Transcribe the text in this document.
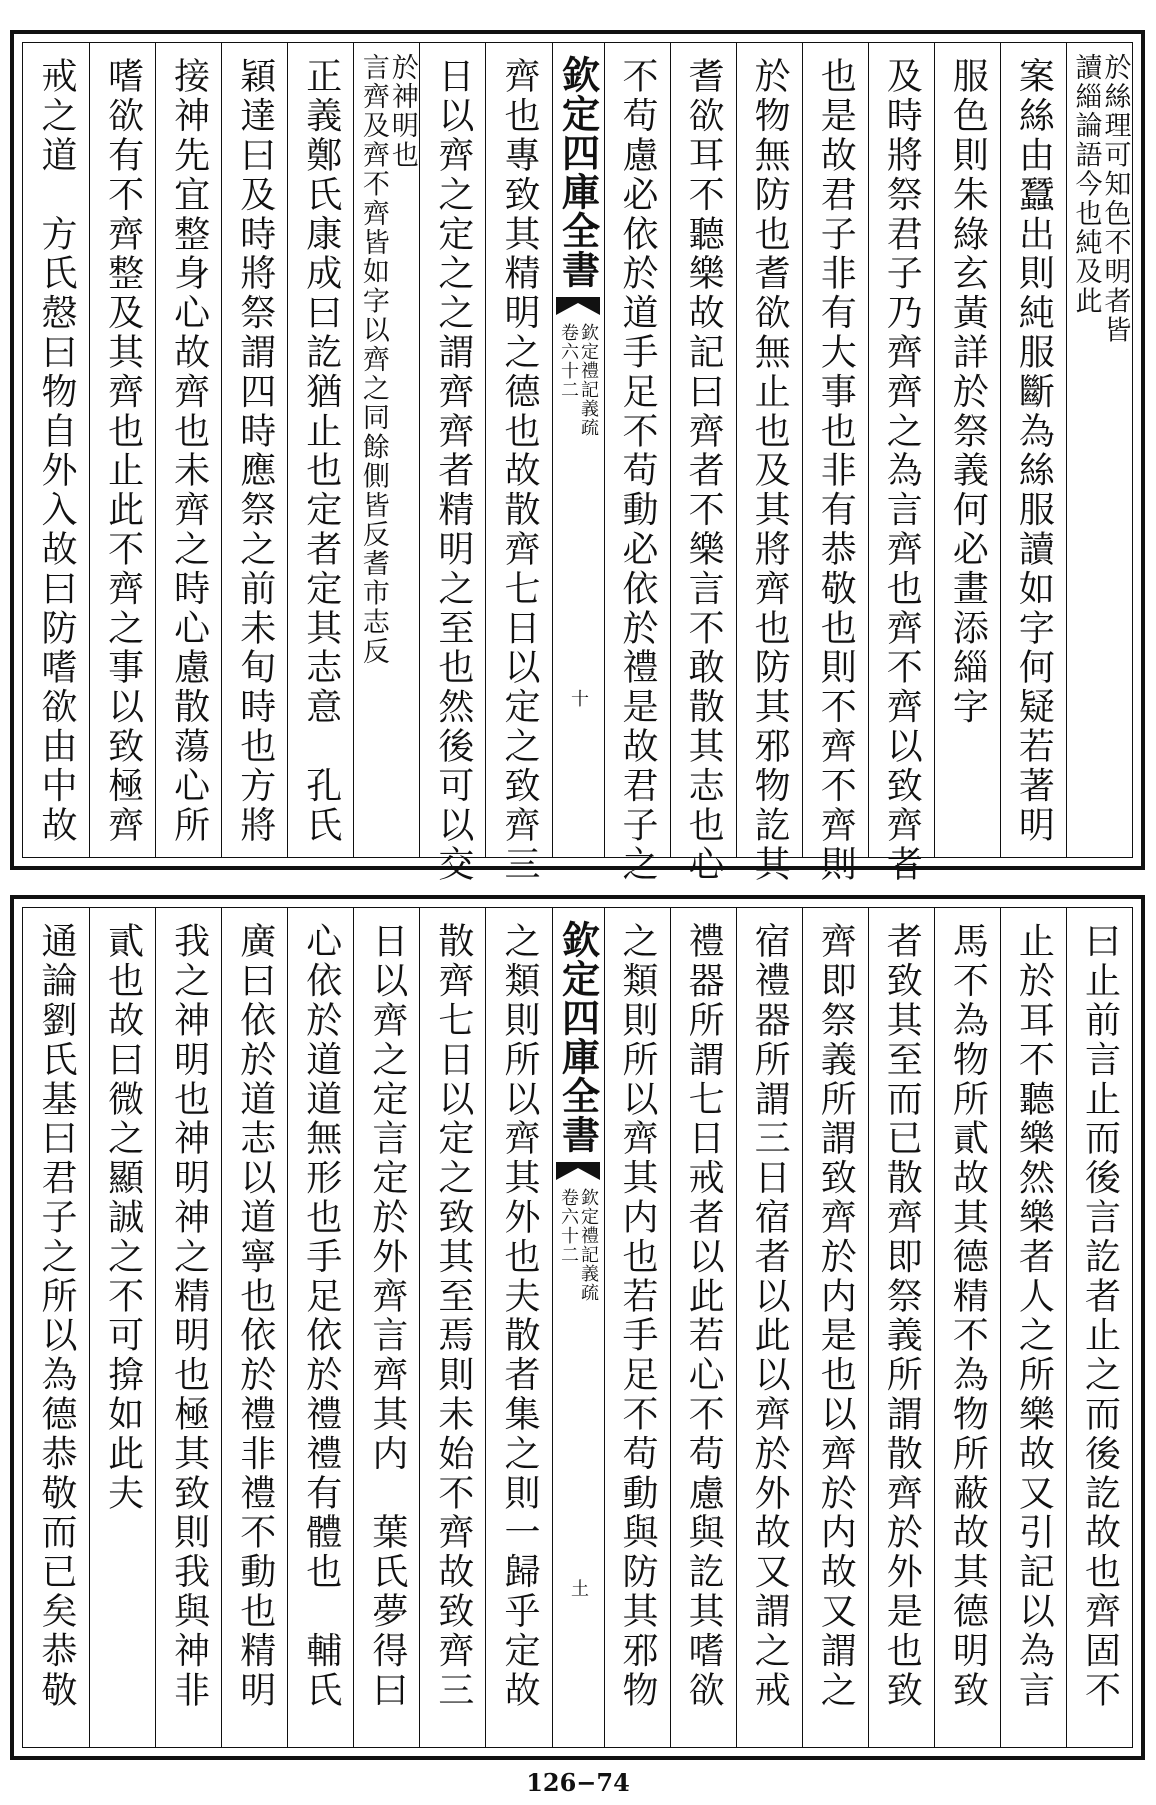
於絲理可知色不明者皆
讀緇論語今也純及此
案絲由蠶出則純服斷為絲服讀如字何疑若著明
服色則朱綠玄黃詳於祭義何必畫添緇字
及時將祭君子乃齊齊之為言齊也齊不齊以致齊者
也是故君子非有大事也非有恭敬也則不齊不齊則
於物無防也耆欲無止也及其將齊也防其邪物訖其
耆欲耳不聽樂故記曰齊者不樂言不敢散其志也心
不苟慮必依於道手足不苟動必依於禮是故君子之
欽定四庫全書
欽定禮記義疏
卷六十二
十
齊也專致其精明之德也故散齊七日以定之致齊三
日以齊之定之之謂齊齊者精明之至也然後可以交
於神明也
言齊及齊不齊皆如字以齊之同餘側皆反耆市志反
正義鄭氏康成曰訖猶止也定者定其志意　孔氏
穎達曰及時將祭謂四時應祭之前未旬時也方將
接神先宜整身心故齊也未齊之時心慮散蕩心所
嗜欲有不齊整及其齊也止此不齊之事以致極齊
戒之道　方氏慤曰物自外入故曰防嗜欲由中故
曰止前言止而後言訖者止之而後訖故也齊固不
止於耳不聽樂然樂者人之所樂故又引記以為言
馬不為物所貳故其德精不為物所蔽故其德明致
者致其至而已散齊即祭義所謂散齊於外是也致
齊即祭義所謂致齊於内是也以齊於内故又謂之
宿禮器所謂三日宿者以此以齊於外故又謂之戒
禮器所謂七日戒者以此若心不苟慮與訖其嗜欲
之類則所以齊其内也若手足不苟動與防其邪物
欽定四庫全書
欽定禮記義疏
卷六十二
土
之類則所以齊其外也夫散者集之則一歸乎定故
散齊七日以定之致其至焉則未始不齊故致齊三
日以齊之定言定於外齊言齊其内　葉氏夢得曰
心依於道道無形也手足依於禮禮有體也　輔氏
廣曰依於道志以道寧也依於禮非禮不動也精明
我之神明也神明神之精明也極其致則我與神非
貳也故曰微之顯誠之不可揜如此夫
通論劉氏基曰君子之所以為德恭敬而已矣恭敬
126−74
